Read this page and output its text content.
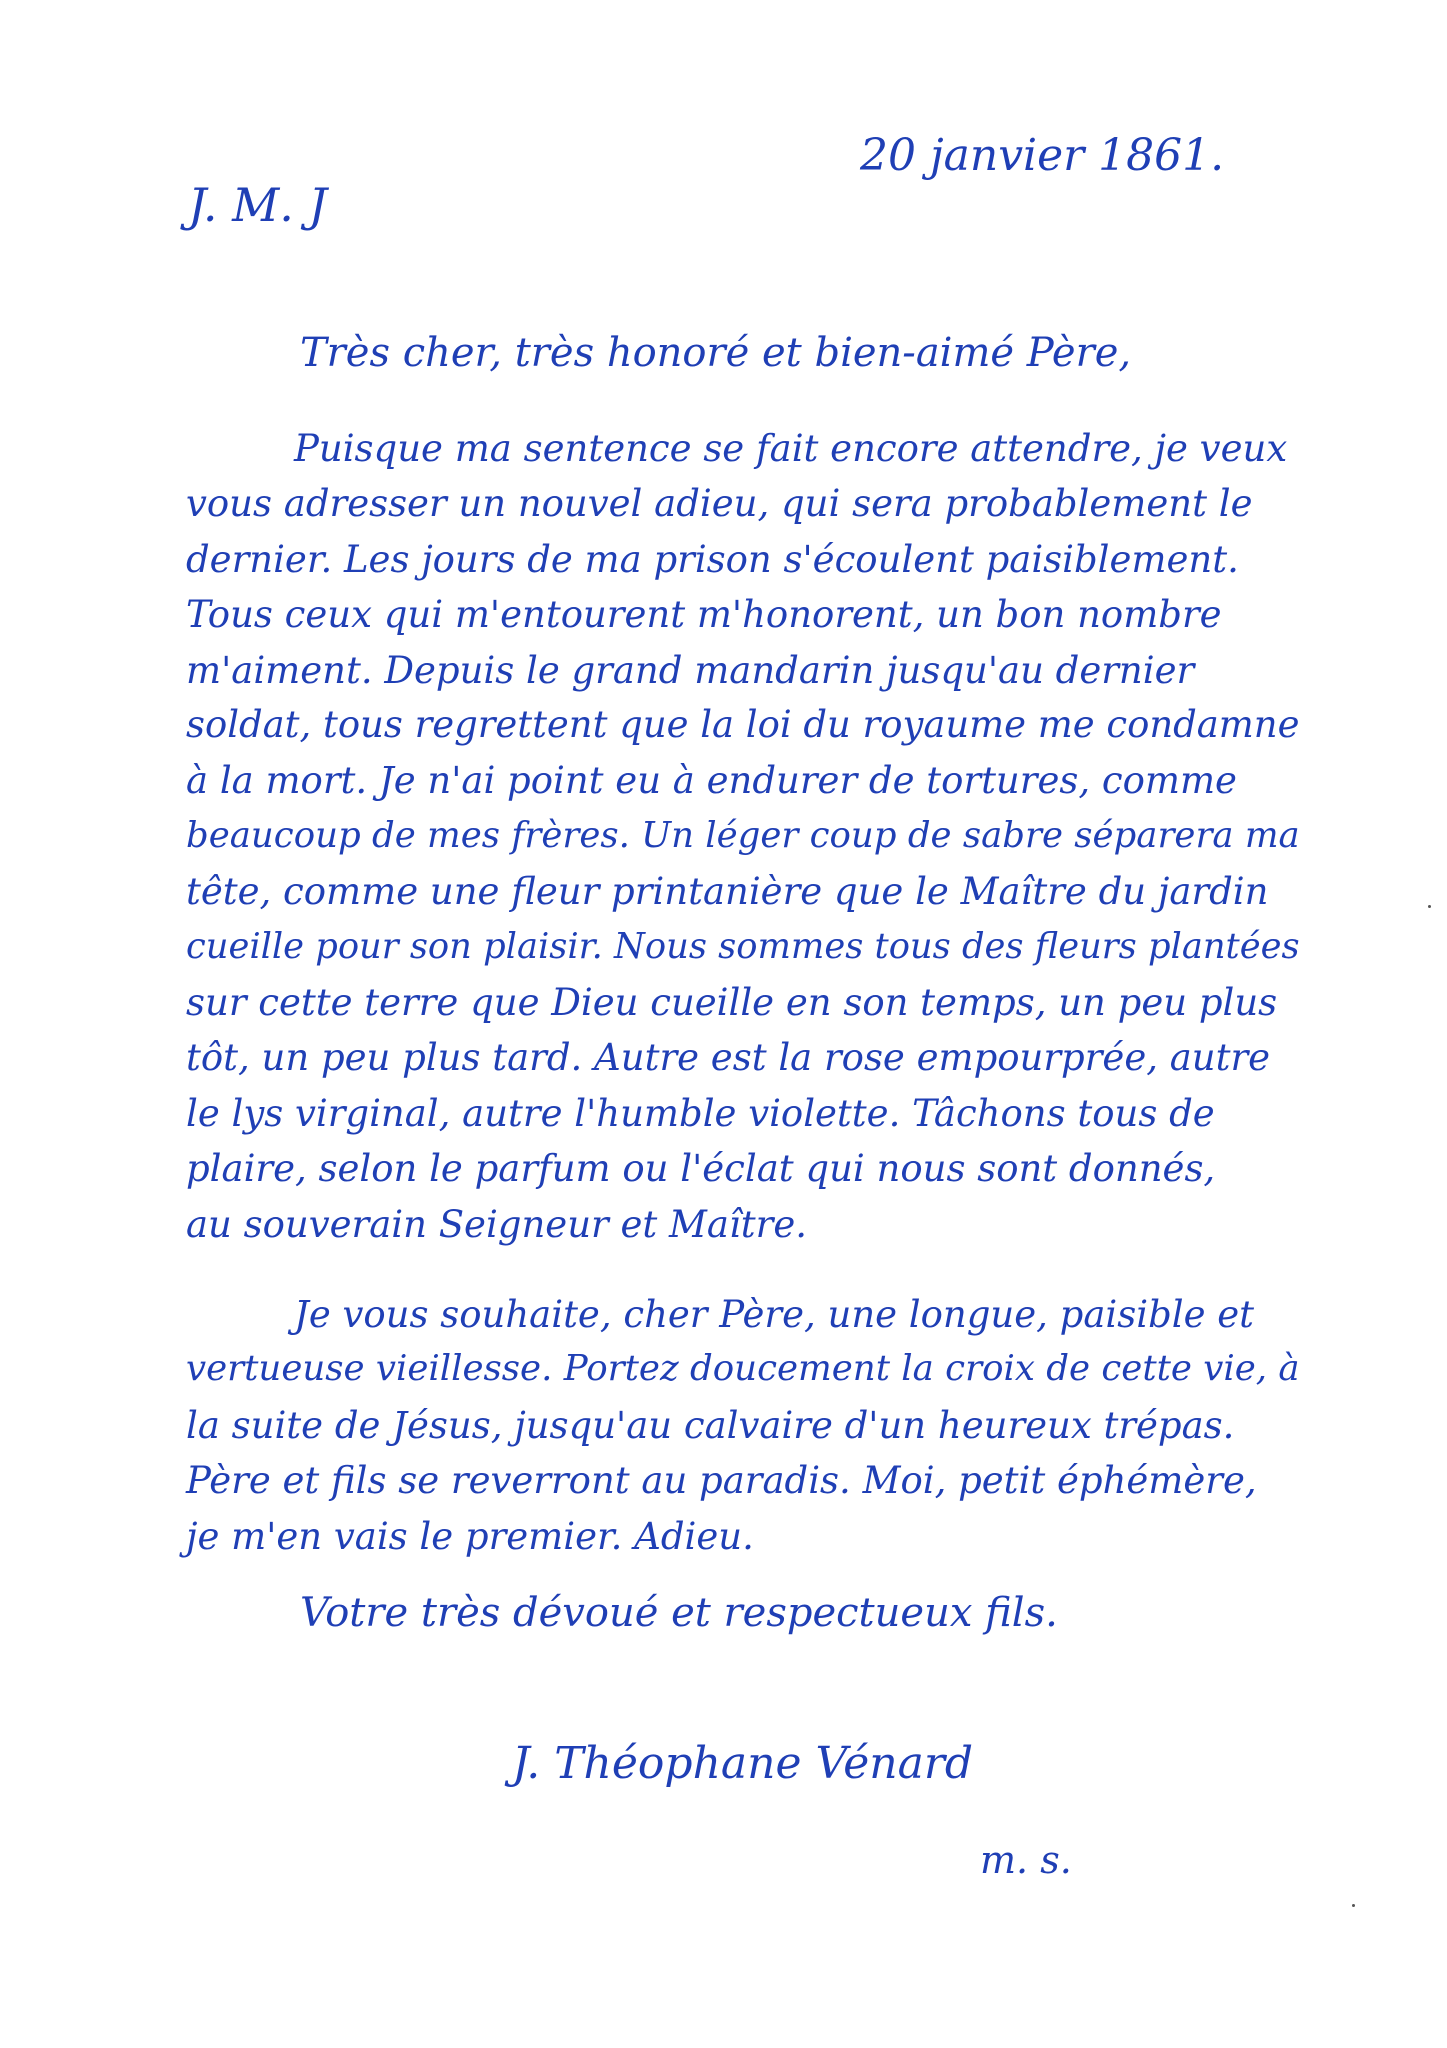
20 janvier 1861.
J. M. J
Très cher, très honoré et bien-aimé Père,
Puisque ma sentence se fait encore attendre, je veux
vous adresser un nouvel adieu, qui sera probablement le
dernier. Les jours de ma prison s'écoulent paisiblement.
Tous ceux qui m'entourent m'honorent, un bon nombre
m'aiment. Depuis le grand mandarin jusqu'au dernier
soldat, tous regrettent que la loi du royaume me condamne
à la mort. Je n'ai point eu à endurer de tortures, comme
beaucoup de mes frères. Un léger coup de sabre séparera ma
tête, comme une fleur printanière que le Maître du jardin
cueille pour son plaisir. Nous sommes tous des fleurs plantées
sur cette terre que Dieu cueille en son temps, un peu plus
tôt, un peu plus tard. Autre est la rose empourprée, autre
le lys virginal, autre l'humble violette. Tâchons tous de
plaire, selon le parfum ou l'éclat qui nous sont donnés,
au souverain Seigneur et Maître.
Je vous souhaite, cher Père, une longue, paisible et
vertueuse vieillesse. Portez doucement la croix de cette vie, à
la suite de Jésus, jusqu'au calvaire d'un heureux trépas.
Père et fils se reverront au paradis. Moi, petit éphémère,
je m'en vais le premier. Adieu.
Votre très dévoué et respectueux fils.
J. Théophane Vénard
m. s.
